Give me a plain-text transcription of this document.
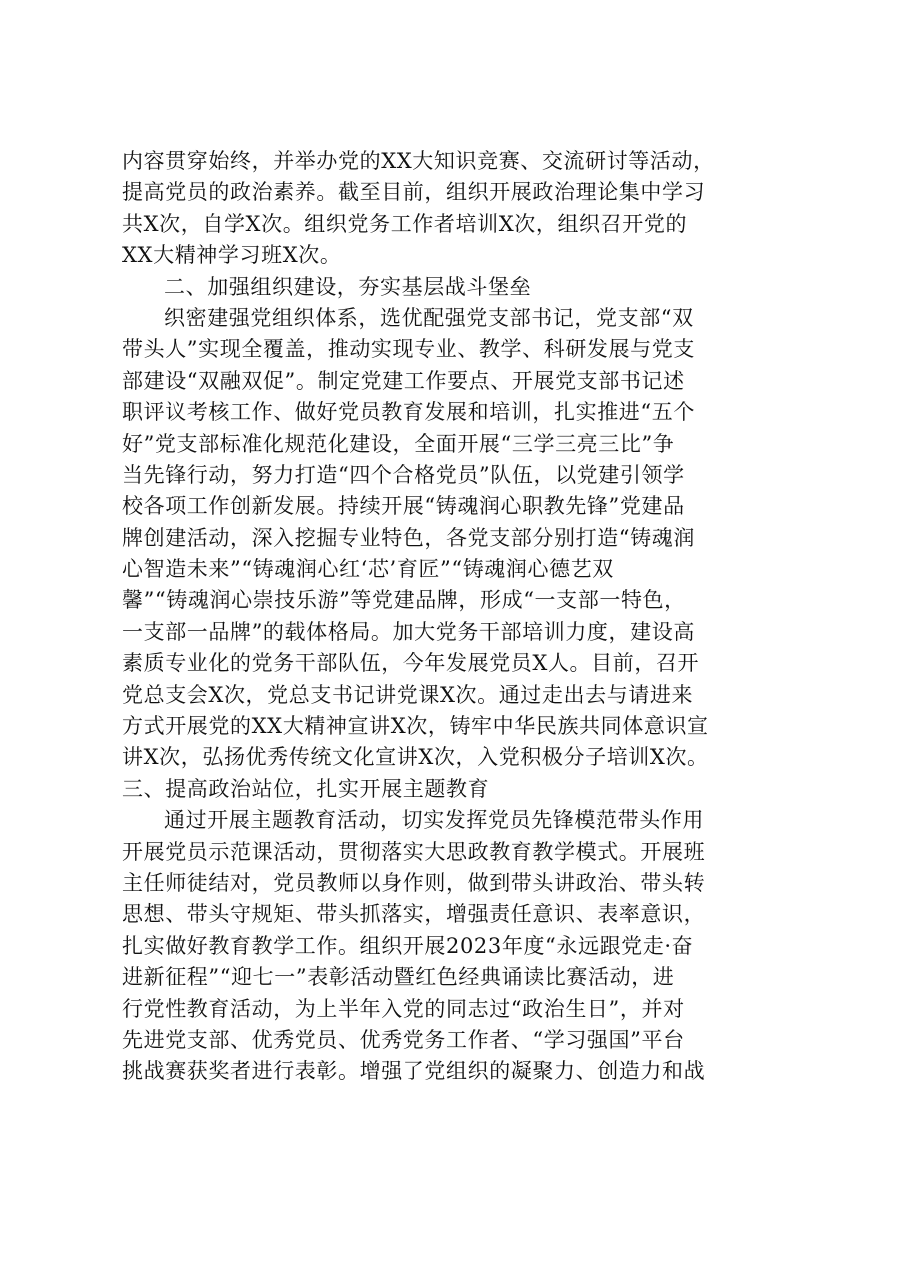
内容贯穿始终，并举办党的XX大知识竞赛、交流研讨等活动，
提高党员的政治素养。截至目前，组织开展政治理论集中学习
共X次，自学X次。组织党务工作者培训X次，组织召开党的
XX大精神学习班X次。
二、加强组织建设，夯实基层战斗堡垒
织密建强党组织体系，选优配强党支部书记，党支部“双
带头人”实现全覆盖，推动实现专业、教学、科研发展与党支
部建设“双融双促”。制定党建工作要点、开展党支部书记述
职评议考核工作、做好党员教育发展和培训，扎实推进“五个
好”党支部标准化规范化建设，全面开展“三学三亮三比”争
当先锋行动，努力打造“四个合格党员”队伍，以党建引领学
校各项工作创新发展。持续开展“铸魂润心职教先锋”党建品
牌创建活动，深入挖掘专业特色，各党支部分别打造“铸魂润
心智造未来”“铸魂润心红‘芯’育匠”“铸魂润心德艺双
馨”“铸魂润心崇技乐游”等党建品牌，形成“一支部一特色，
一支部一品牌”的载体格局。加大党务干部培训力度，建设高
素质专业化的党务干部队伍，今年发展党员X人。目前，召开
党总支会X次，党总支书记讲党课X次。通过走出去与请进来
方式开展党的XX大精神宣讲X次，铸牢中华民族共同体意识宣
讲X次，弘扬优秀传统文化宣讲X次，入党积极分子培训X次。
三、提高政治站位，扎实开展主题教育
通过开展主题教育活动，切实发挥党员先锋模范带头作用
开展党员示范课活动，贯彻落实大思政教育教学模式。开展班
主任师徒结对，党员教师以身作则，做到带头讲政治、带头转
思想、带头守规矩、带头抓落实，增强责任意识、表率意识，
扎实做好教育教学工作。组织开展2023年度“永远跟党走·奋
进新征程”“迎七一”表彰活动暨红色经典诵读比赛活动，进
行党性教育活动，为上半年入党的同志过“政治生日”，并对
先进党支部、优秀党员、优秀党务工作者、“学习强国”平台
挑战赛获奖者进行表彰。增强了党组织的凝聚力、创造力和战
